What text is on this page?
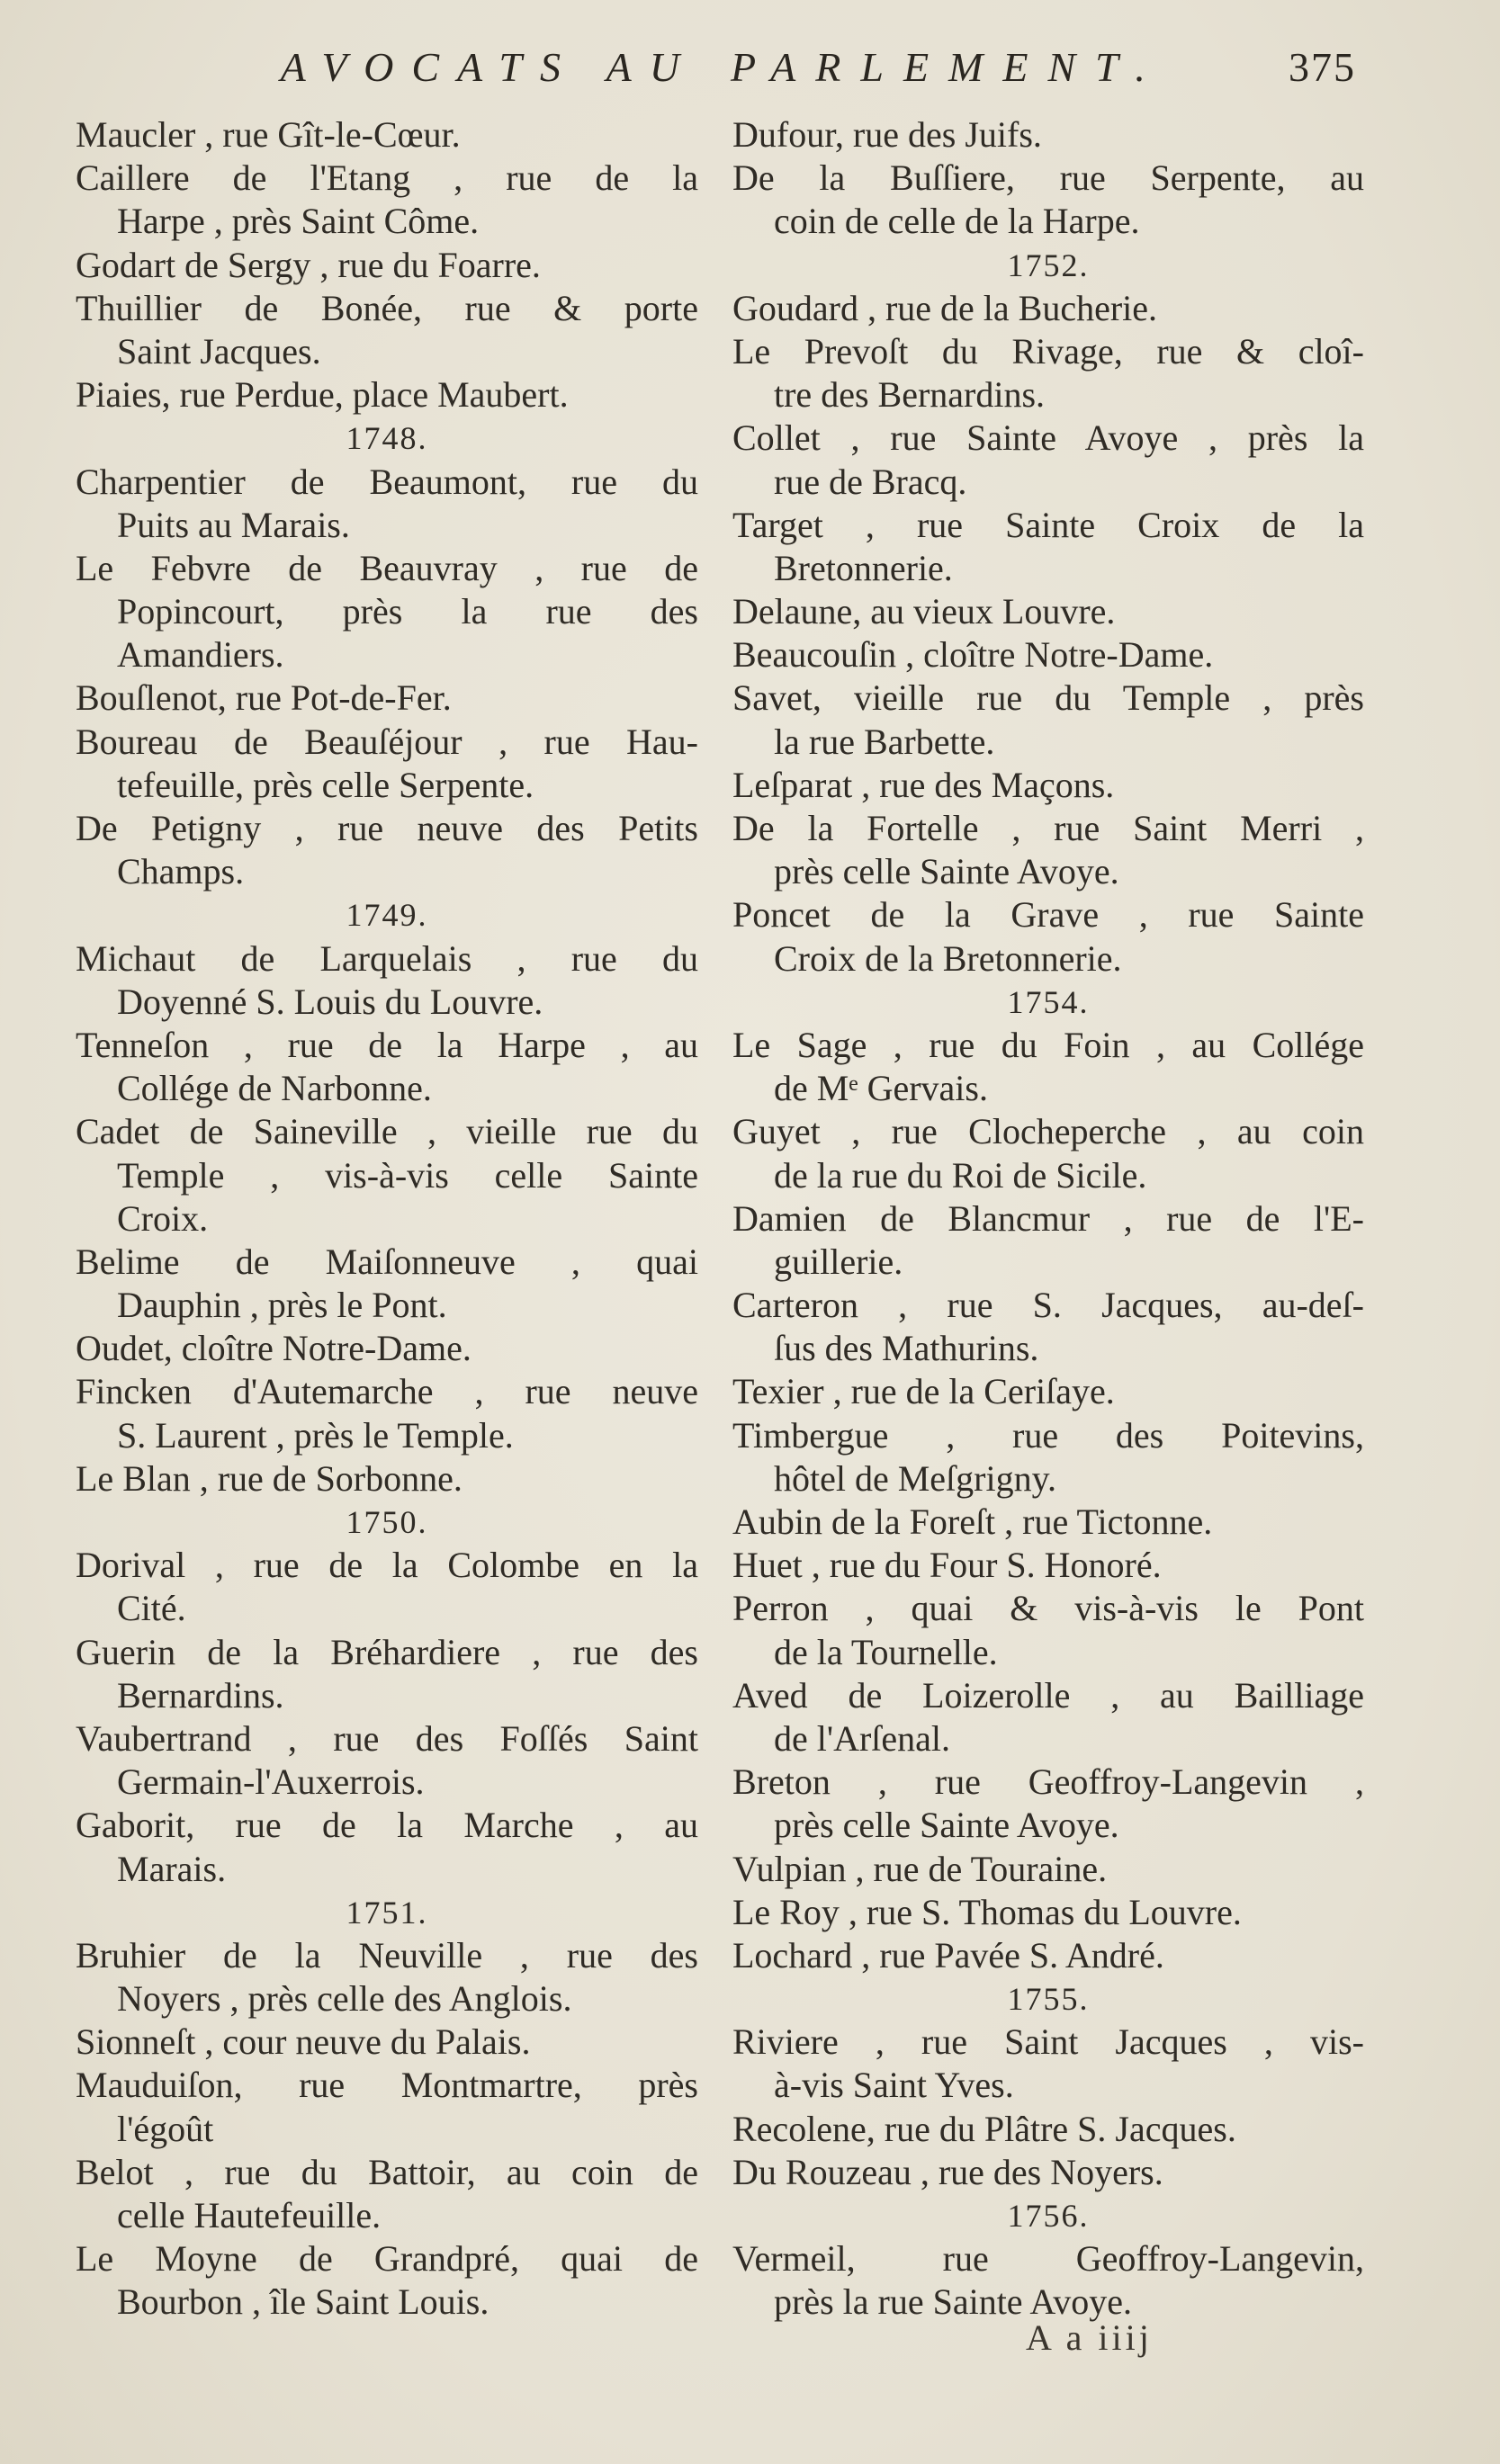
AVOCATS AU PARLEMENT.	375
Maucler , rue Gît-le-Cœur.
Caillere de l'Etang , rue de la
Harpe , près Saint Côme.
Godart de Sergy , rue du Foarre.
Thuillier de Bonée, rue & porte
Saint Jacques.
Piaies, rue Perdue, place Maubert.
1748.
Charpentier de Beaumont, rue du
Puits au Marais.
Le Febvre de Beauvray , rue de
Popincourt, près la rue des
Amandiers.
Bouſlenot, rue Pot-de-Fer.
Boureau de Beauſéjour , rue Hau-
tefeuille, près celle Serpente.
De Petigny , rue neuve des Petits
Champs.
1749.
Michaut de Larquelais , rue du
Doyenné S. Louis du Louvre.
Tenneſon , rue de la Harpe , au
Collége de Narbonne.
Cadet de Saineville , vieille rue du
Temple , vis-à-vis celle Sainte
Croix.
Belime de Maiſonneuve , quai
Dauphin , près le Pont.
Oudet, cloître Notre-Dame.
Fincken d'Autemarche , rue neuve
S. Laurent , près le Temple.
Le Blan , rue de Sorbonne.
1750.
Dorival , rue de la Colombe en la
Cité.
Guerin de la Bréhardiere , rue des
Bernardins.
Vaubertrand , rue des Foſſés Saint
Germain-l'Auxerrois.
Gaborit, rue de la Marche , au
Marais.
1751.
Bruhier de la Neuville , rue des
Noyers , près celle des Anglois.
Sionneſt , cour neuve du Palais.
Mauduiſon, rue Montmartre, près
l'égoût
Belot , rue du Battoir, au coin de
celle Hautefeuille.
Le Moyne de Grandpré, quai de
Bourbon , île Saint Louis.
Dufour, rue des Juifs.
De la Buſſiere, rue Serpente, au
coin de celle de la Harpe.
1752.
Goudard , rue de la Bucherie.
Le Prevoſt du Rivage, rue & cloî-
tre des Bernardins.
Collet , rue Sainte Avoye , près la
rue de Bracq.
Target , rue Sainte Croix de la
Bretonnerie.
Delaune, au vieux Louvre.
Beaucouſin , cloître Notre-Dame.
Savet, vieille rue du Temple , près
la rue Barbette.
Leſparat , rue des Maçons.
De la Fortelle , rue Saint Merri ,
près celle Sainte Avoye.
Poncet de la Grave , rue Sainte
Croix de la Bretonnerie.
1754.
Le Sage , rue du Foin , au Collége
de Mᵉ Gervais.
Guyet , rue Clocheperche , au coin
de la rue du Roi de Sicile.
Damien de Blancmur , rue de l'E-
guillerie.
Carteron , rue S. Jacques, au-deſ-
ſus des Mathurins.
Texier , rue de la Ceriſaye.
Timbergue , rue des Poitevins,
hôtel de Meſgrigny.
Aubin de la Foreſt , rue Tictonne.
Huet , rue du Four S. Honoré.
Perron , quai & vis-à-vis le Pont
de la Tournelle.
Aved de Loizerolle , au Bailliage
de l'Arſenal.
Breton , rue Geoffroy-Langevin ,
près celle Sainte Avoye.
Vulpian , rue de Touraine.
Le Roy , rue S. Thomas du Louvre.
Lochard , rue Pavée S. André.
1755.
Riviere , rue Saint Jacques , vis-
à-vis Saint Yves.
Recolene, rue du Plâtre S. Jacques.
Du Rouzeau , rue des Noyers.
1756.
Vermeil, rue Geoffroy-Langevin,
près la rue Sainte Avoye.
A a iiij
